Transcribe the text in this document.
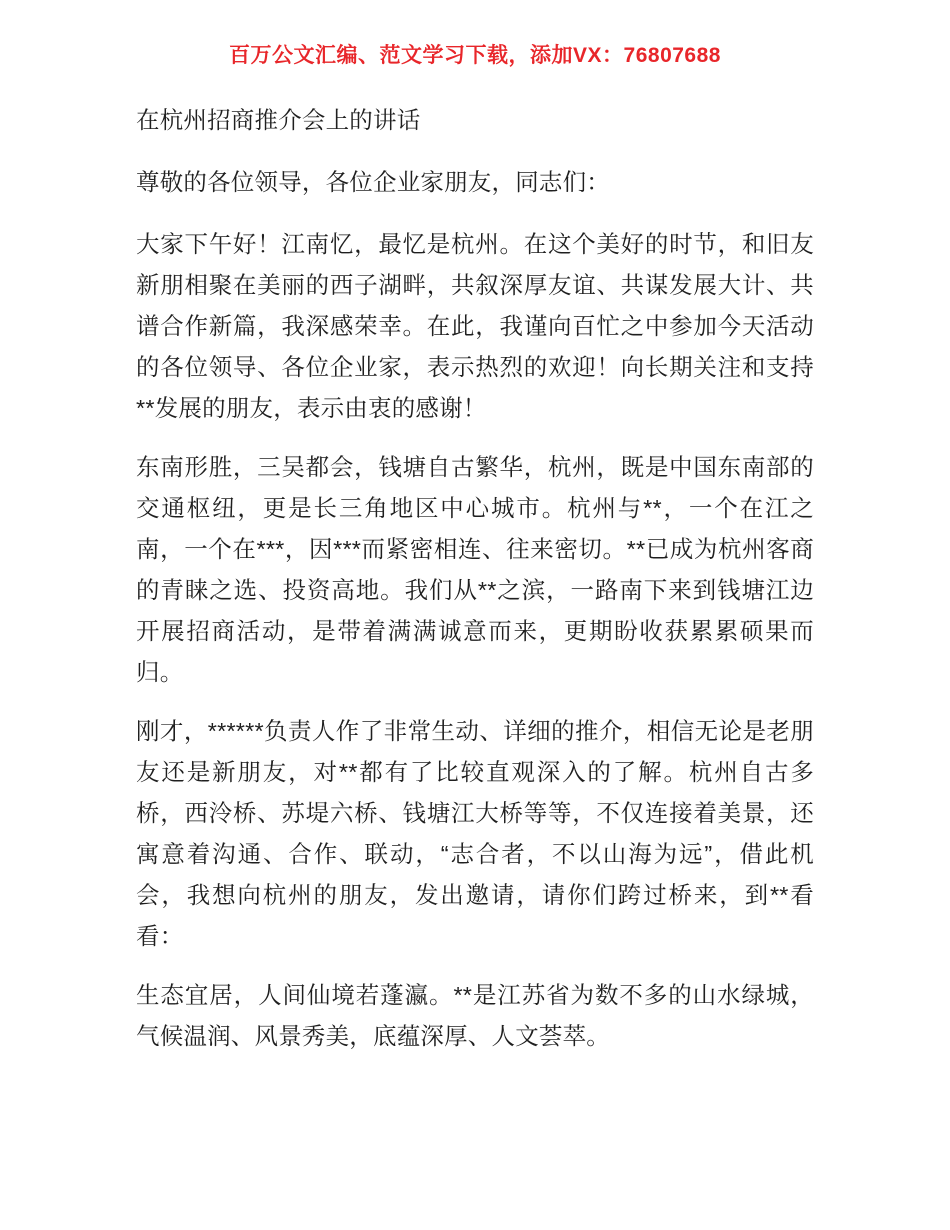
百万公文汇编、范文学习下载，添加VX：76807688

在杭州招商推介会上的讲话

尊敬的各位领导，各位企业家朋友，同志们：

大家下午好！江南忆，最忆是杭州。在这个美好的时节，和旧友新朋相聚在美丽的西子湖畔，共叙深厚友谊、共谋发展大计、共谱合作新篇，我深感荣幸。在此，我谨向百忙之中参加今天活动的各位领导、各位企业家，表示热烈的欢迎！向长期关注和支持**发展的朋友，表示由衷的感谢！

东南形胜，三吴都会，钱塘自古繁华，杭州，既是中国东南部的交通枢纽，更是长三角地区中心城市。杭州与**，一个在江之南，一个在***，因***而紧密相连、往来密切。**已成为杭州客商的青睐之选、投资高地。我们从**之滨，一路南下来到钱塘江边开展招商活动，是带着满满诚意而来，更期盼收获累累硕果而归。

刚才，******负责人作了非常生动、详细的推介，相信无论是老朋友还是新朋友，对**都有了比较直观深入的了解。杭州自古多桥，西泠桥、苏堤六桥、钱塘江大桥等等，不仅连接着美景，还寓意着沟通、合作、联动，“志合者，不以山海为远”，借此机会，我想向杭州的朋友，发出邀请，请你们跨过桥来，到**看看：

生态宜居，人间仙境若蓬瀛。**是江苏省为数不多的山水绿城，气候温润、风景秀美，底蕴深厚、人文荟萃。
